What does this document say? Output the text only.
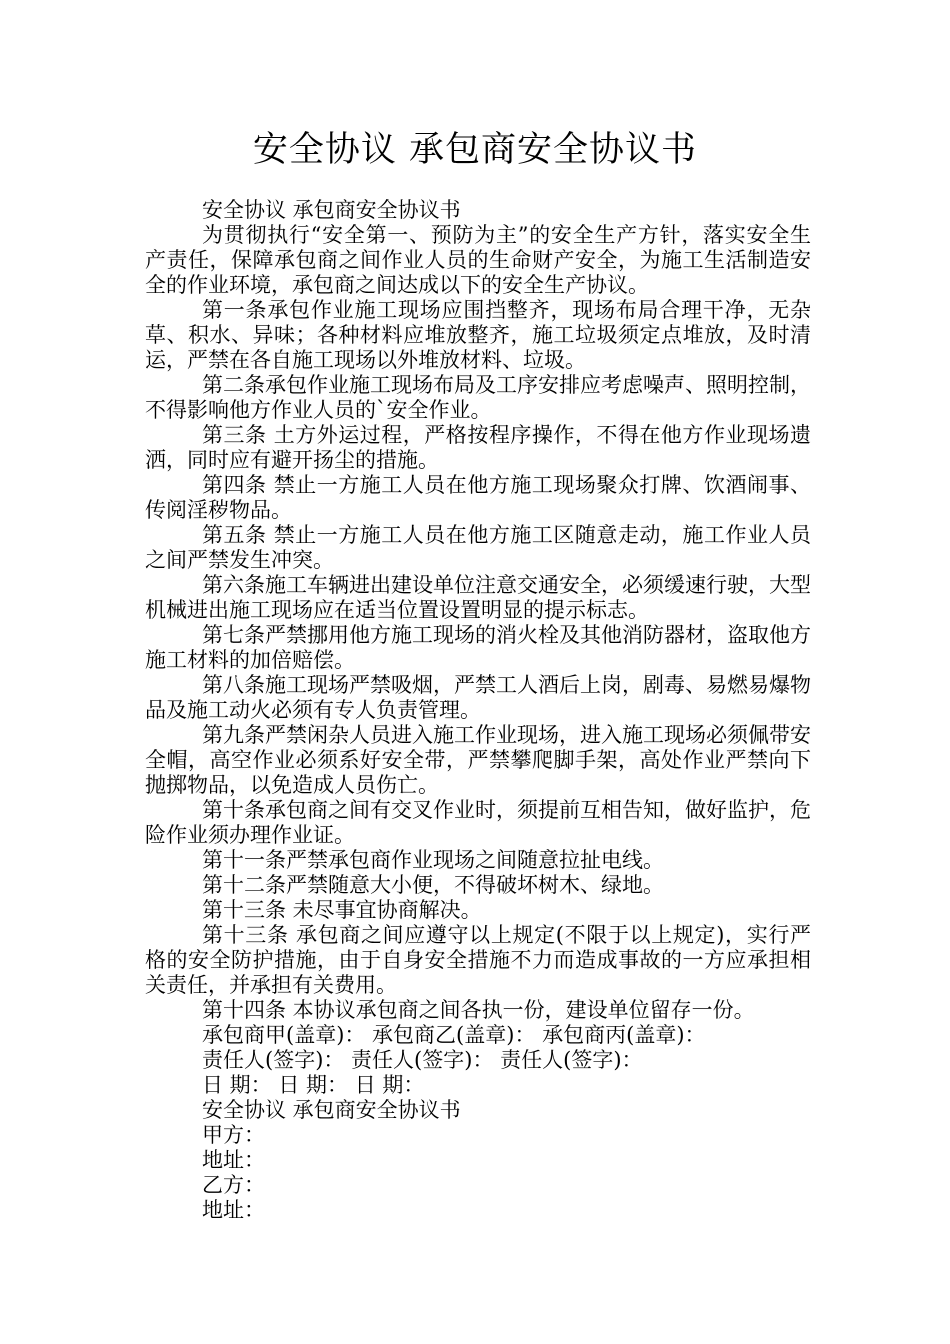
安全协议 承包商安全协议书

安全协议 承包商安全协议书

为贯彻执行“安全第一、预防为主”的安全生产方针，落实安全生产责任，保障承包商之间作业人员的生命财产安全，为施工生活制造安全的作业环境，承包商之间达成以下的安全生产协议。

第一条承包作业施工现场应围挡整齐，现场布局合理干净，无杂草、积水、异味；各种材料应堆放整齐，施工垃圾须定点堆放，及时清运，严禁在各自施工现场以外堆放材料、垃圾。

第二条承包作业施工现场布局及工序安排应考虑噪声、照明控制，不得影响他方作业人员的`安全作业。

第三条 土方外运过程，严格按程序操作，不得在他方作业现场遗洒，同时应有避开扬尘的措施。

第四条 禁止一方施工人员在他方施工现场聚众打牌、饮酒闹事、传阅淫秽物品。

第五条 禁止一方施工人员在他方施工区随意走动，施工作业人员之间严禁发生冲突。

第六条施工车辆进出建设单位注意交通安全，必须缓速行驶，大型机械进出施工现场应在适当位置设置明显的提示标志。

第七条严禁挪用他方施工现场的消火栓及其他消防器材，盗取他方施工材料的加倍赔偿。

第八条施工现场严禁吸烟，严禁工人酒后上岗，剧毒、易燃易爆物品及施工动火必须有专人负责管理。

第九条严禁闲杂人员进入施工作业现场，进入施工现场必须佩带安全帽，高空作业必须系好安全带，严禁攀爬脚手架，高处作业严禁向下抛掷物品，以免造成人员伤亡。

第十条承包商之间有交叉作业时，须提前互相告知，做好监护，危险作业须办理作业证。

第十一条严禁承包商作业现场之间随意拉扯电线。

第十二条严禁随意大小便，不得破坏树木、绿地。

第十三条 未尽事宜协商解决。

第十三条 承包商之间应遵守以上规定(不限于以上规定)，实行严格的安全防护措施，由于自身安全措施不力而造成事故的一方应承担相关责任，并承担有关费用。

第十四条 本协议承包商之间各执一份，建设单位留存一份。

承包商甲(盖章)： 承包商乙(盖章)： 承包商丙(盖章)：

责任人(签字)： 责任人(签字)： 责任人(签字)：

日 期： 日 期： 日 期：

安全协议 承包商安全协议书

甲方：

地址：

乙方：

地址：
